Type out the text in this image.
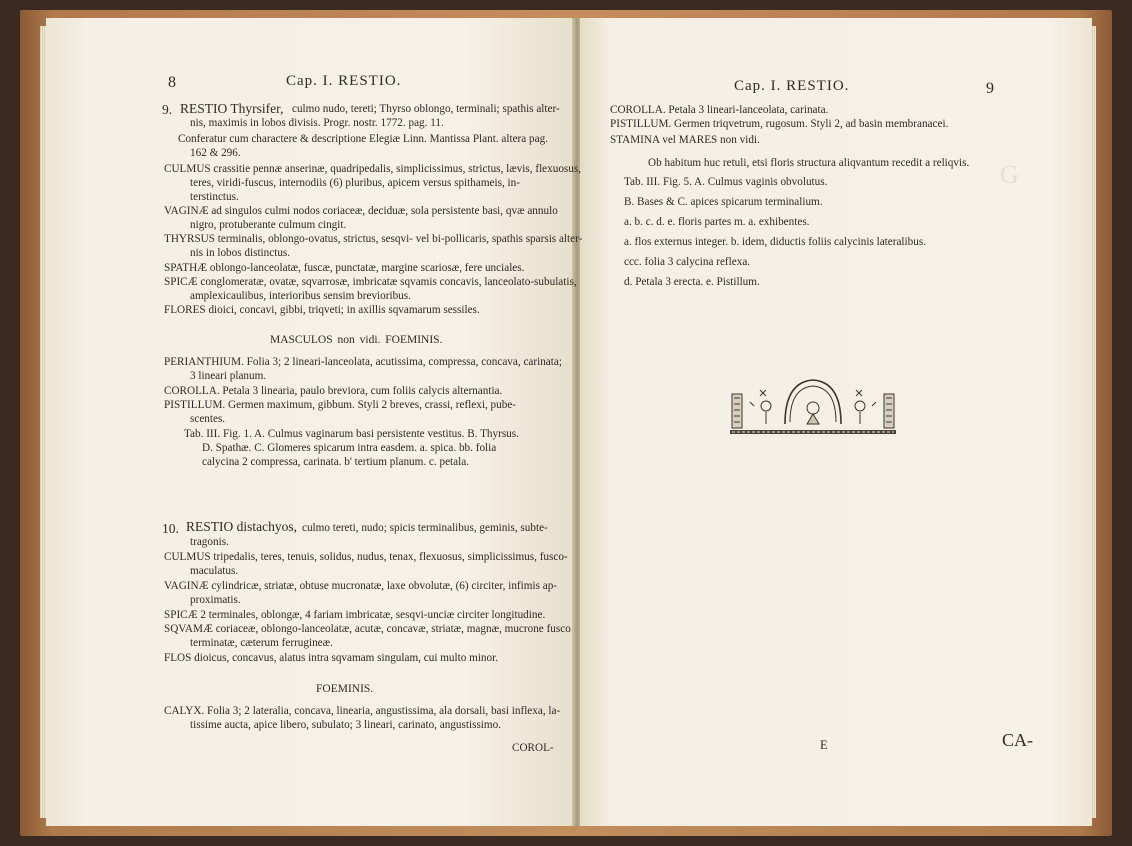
8	Cap. I. RESTIO.
9. RESTIO Thyrsifer, culmo nudo, tereti; Thyrso oblongo, terminali; spathis alter-
nis, maximis in lobos divisis. Progr. nostr. 1772. pag. 11.
Conferatur cum charactere & descriptione Elegiæ Linn. Mantissa Plant. altera pag.
162 & 296.
CULMUS crassitie pennæ anserinæ, quadripedalis, simplicissimus, strictus, lævis, flexuosus,
teres, viridi-fuscus, internodiis (6) pluribus, apicem versus spithameis, in-
terstinctus.
VAGINÆ ad singulos culmi nodos coriaceæ, deciduæ, sola persistente basi, qvæ annulo
nigro, protuberante culmum cingit.
THYRSUS terminalis, oblongo-ovatus, strictus, sesqvi- vel bi-pollicaris, spathis sparsis alter-
nis in lobos distinctus.
SPATHÆ oblongo-lanceolatæ, fuscæ, punctatæ, margine scariosæ, fere unciales.
SPICÆ conglomeratæ, ovatæ, sqvarrosæ, imbricatæ sqvamis concavis, lanceolato-subulatis,
amplexicaulibus, interioribus sensim brevioribus.
FLORES dioici, concavi, gibbi, triqveti; in axillis sqvamarum sessiles.
MASCULOS non vidi. FOEMINIS.
PERIANTHIUM. Folia 3; 2 lineari-lanceolata, acutissima, compressa, concava, carinata;
3 lineari planum.
COROLLA. Petala 3 linearia, paulo breviora, cum foliis calycis alternantia.
PISTILLUM. Germen maximum, gibbum. Styli 2 breves, crassi, reflexi, pube-
scentes.
Tab. III. Fig. 1. A. Culmus vaginarum basi persistente vestitus. B. Thyrsus.
D. Spathæ. C. Glomeres spicarum intra easdem. a. spica. bb. folia
calycina 2 compressa, carinata. b' tertium planum. c. petala.
10. RESTIO distachyos, culmo tereti, nudo; spicis terminalibus, geminis, subte-
tragonis.
CULMUS tripedalis, teres, tenuis, solidus, nudus, tenax, flexuosus, simplicissimus, fusco-
maculatus.
VAGINÆ cylindricæ, striatæ, obtuse mucronatæ, laxe obvolutæ, (6) circiter, infimis ap-
proximatis.
SPICÆ 2 terminales, oblongæ, 4 fariam imbricatæ, sesqvi-unciæ circiter longitudine.
SQVAMÆ coriaceæ, oblongo-lanceolatæ, acutæ, concavæ, striatæ, magnæ, mucrone fusco
terminatæ, cæterum ferrugineæ.
FLOS dioicus, concavus, alatus intra sqvamam singulam, cui multo minor.
FOEMINIS.
CALYX. Folia 3; 2 lateralia, concava, linearia, angustissima, ala dorsali, basi inflexa, la-
tissime aucta, apice libero, subulato; 3 lineari, carinato, angustissimo.
COROL-
Cap. I. RESTIO.	9
G
COROLLA. Petala 3 lineari-lanceolata, carinata.
PISTILLUM. Germen triqvetrum, rugosum. Styli 2, ad basin membranacei.
STAMINA vel MARES non vidi.
Ob habitum huc retuli, etsi floris structura aliqvantum recedit a reliqvis.
Tab. III. Fig. 5. A. Culmus vaginis obvolutus.
B. Bases & C. apices spicarum terminalium.
a. b. c. d. e. floris partes m. a. exhibentes.
a. flos externus integer. b. idem, diductis foliis calycinis lateralibus.
ccc. folia 3 calycina reflexa.
d. Petala 3 erecta. e. Pistillum.
E	CA-
